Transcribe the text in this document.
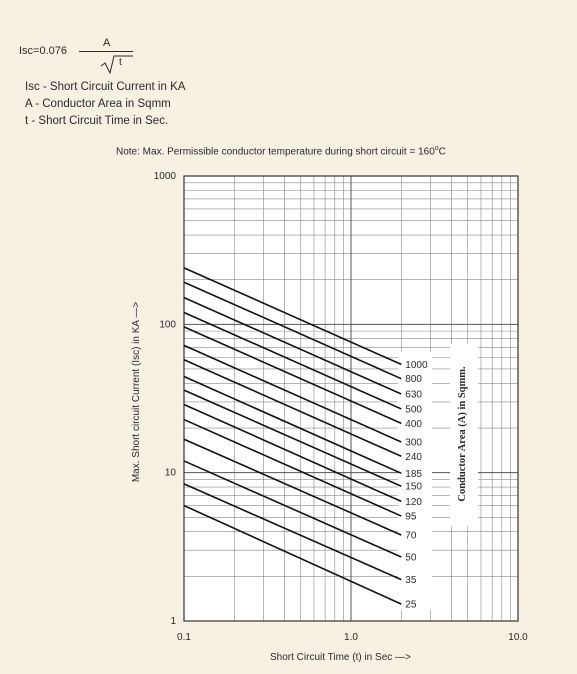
Isc=0.076
A
t
Isc - Short Circuit Current in KA
A - Conductor Area in Sqmm
t - Short Circuit Time in Sec.
Note: Max. Permissible conductor temperature during short circuit = $160^oC$
1
10
100
1000
0.1	1.0	10.0
1000
800
630
500
400
300
240
185
150
120
95
70
50
35
25
Max. Short circuit Current (Isc) in KA —>
Short Circuit Time (t) in Sec —>
Conductor Area (A) in Sqmm.
